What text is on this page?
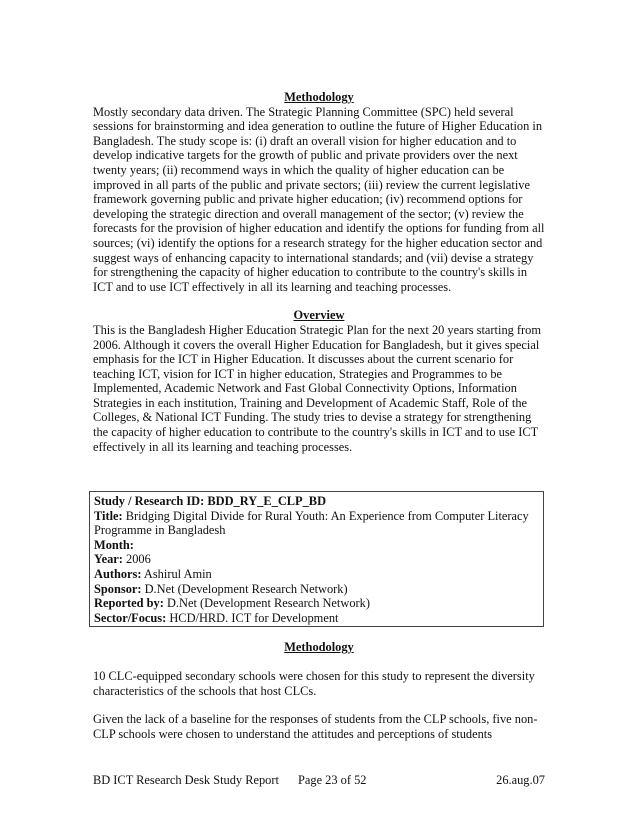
Methodology

Mostly secondary data driven. The Strategic Planning Committee (SPC) held several sessions for brainstorming and idea generation to outline the future of Higher Education in Bangladesh. The study scope is: (i) draft an overall vision for higher education and to develop indicative targets for the growth of public and private providers over the next twenty years; (ii) recommend ways in which the quality of higher education can be improved in all parts of the public and private sectors; (iii) review the current legislative framework governing public and private higher education; (iv) recommend options for developing the strategic direction and overall management of the sector; (v) review the forecasts for the provision of higher education and identify the options for funding from all sources; (vi) identify the options for a research strategy for the higher education sector and suggest ways of enhancing capacity to international standards; and (vii) devise a strategy for strengthening the capacity of higher education to contribute to the country's skills in ICT and to use ICT effectively in all its learning and teaching processes.

Overview

This is the Bangladesh Higher Education Strategic Plan for the next 20 years starting from 2006. Although it covers the overall Higher Education for Bangladesh, but it gives special emphasis for the ICT in Higher Education. It discusses about the current scenario for teaching ICT, vision for ICT in higher education, Strategies and Programmes to be Implemented, Academic Network and Fast Global Connectivity Options, Information Strategies in each institution, Training and Development of Academic Staff, Role of the Colleges, & National ICT Funding. The study tries to devise a strategy for strengthening the capacity of higher education to contribute to the country's skills in ICT and to use ICT effectively in all its learning and teaching processes.

Study / Research ID: BDD_RY_E_CLP_BD

Title: Bridging Digital Divide for Rural Youth: An Experience from Computer Literacy Programme in Bangladesh

Month:

Year: 2006

Authors: Ashirul Amin

Sponsor: D.Net (Development Research Network)

Reported by: D.Net (Development Research Network)

Sector/Focus: HCD/HRD. ICT for Development

Methodology

10 CLC-equipped secondary schools were chosen for this study to represent the diversity characteristics of the schools that host CLCs.

Given the lack of a baseline for the responses of students from the CLP schools, five non-CLP schools were chosen to understand the attitudes and perceptions of students

BD ICT Research Desk Study Report Page 23 of 52	26.aug.07
